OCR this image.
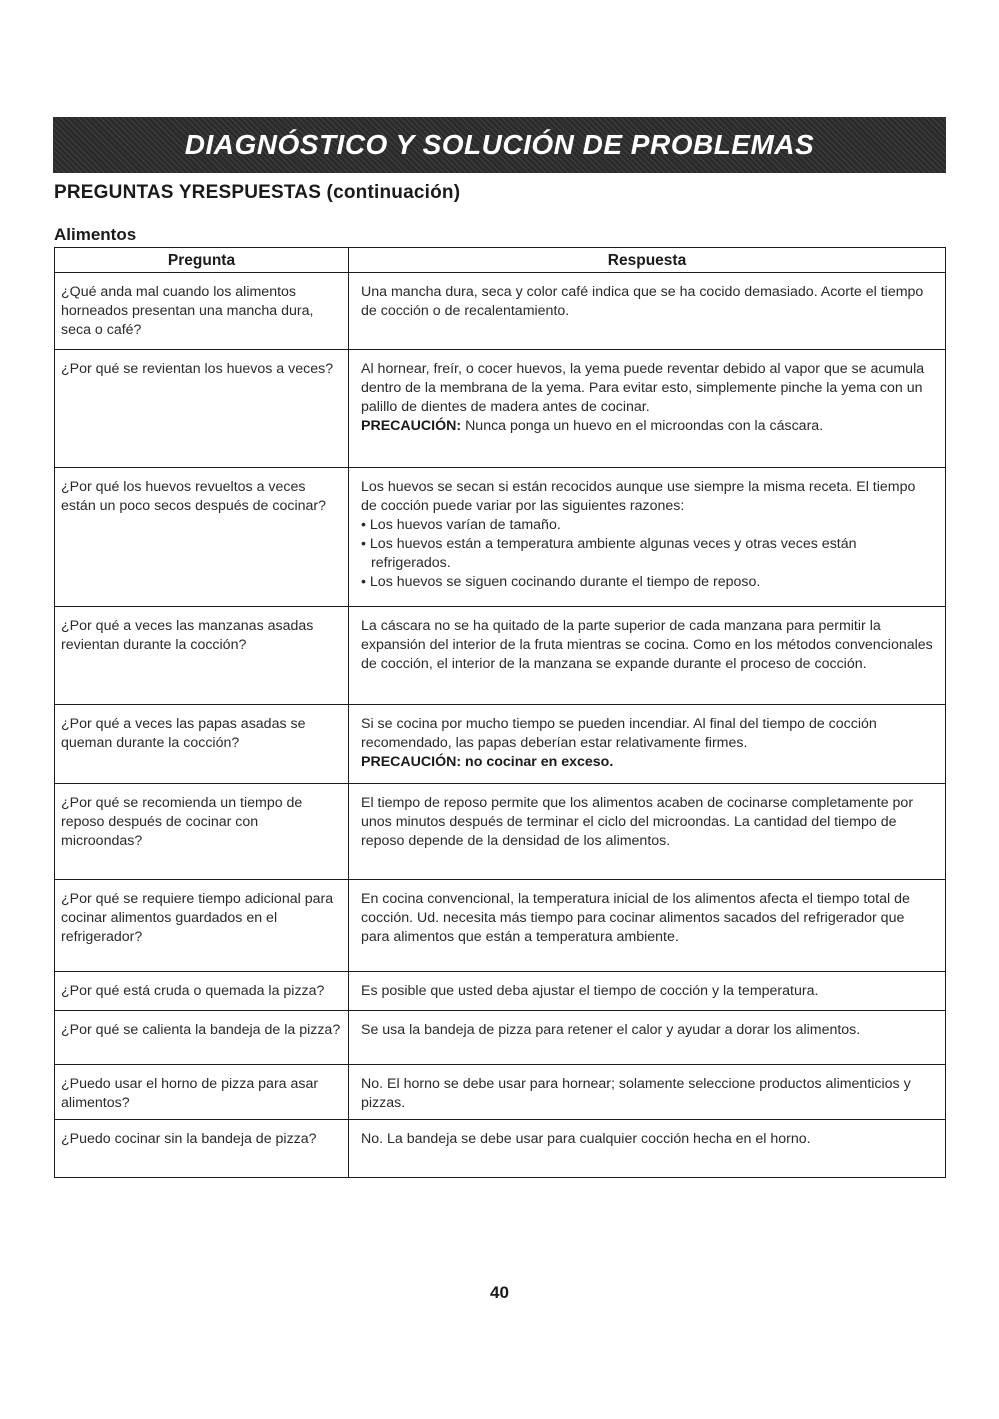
DIAGNÓSTICO Y SOLUCIÓN DE PROBLEMAS
PREGUNTAS YRESPUESTAS (continuación)
Alimentos
Pregunta	Respuesta
¿Qué anda mal cuando los alimentos horneados presentan una mancha dura, seca o café?	Una mancha dura, seca y color café indica que se ha cocido demasiado. Acorte el tiempo de cocción o de recalentamiento.
¿Por qué se revientan los huevos a veces?	Al hornear, freír, o cocer huevos, la yema puede reventar debido al vapor que se acumula dentro de la membrana de la yema. Para evitar esto, simplemente pinche la yema con un palillo de dientes de madera antes de cocinar.
PRECAUCIÓN: Nunca ponga un huevo en el microondas con la cáscara.
¿Por qué los huevos revueltos a veces están un poco secos después de cocinar?	Los huevos se secan si están recocidos aunque use siempre la misma receta. El tiempo de cocción puede variar por las siguientes razones:
• Los huevos varían de tamaño.
• Los huevos están a temperatura ambiente algunas veces y otras veces están refrigerados.
• Los huevos se siguen cocinando durante el tiempo de reposo.

¿Por qué a veces las manzanas asadas revientan durante la cocción?	La cáscara no se ha quitado de la parte superior de cada manzana para permitir la expansión del interior de la fruta mientras se cocina. Como en los métodos convencionales de cocción, el interior de la manzana se expande durante el proceso de cocción.
¿Por qué a veces las papas asadas se queman durante la cocción?	Si se cocina por mucho tiempo se pueden incendiar. Al final del tiempo de cocción recomendado, las papas deberían estar relativamente firmes.
PRECAUCIÓN: no cocinar en exceso.
¿Por qué se recomienda un tiempo de reposo después de cocinar con microondas?	El tiempo de reposo permite que los alimentos acaben de cocinarse completamente por unos minutos después de terminar el ciclo del microondas. La cantidad del tiempo de reposo depende de la densidad de los alimentos.
¿Por qué se requiere tiempo adicional para cocinar alimentos guardados en el refrigerador?	En cocina convencional, la temperatura inicial de los alimentos afecta el tiempo total de cocción. Ud. necesita más tiempo para cocinar alimentos sacados del refrigerador que para alimentos que están a temperatura ambiente.
¿Por qué está cruda o quemada la pizza?	Es posible que usted deba ajustar el tiempo de cocción y la temperatura.
¿Por qué se calienta la bandeja de la pizza?	Se usa la bandeja de pizza para retener el calor y ayudar a dorar los alimentos.
¿Puedo usar el horno de pizza para asar alimentos?	No. El horno se debe usar para hornear; solamente seleccione productos alimenticios y pizzas.
¿Puedo cocinar sin la bandeja de pizza?	No. La bandeja se debe usar para cualquier cocción hecha en el horno.
40
